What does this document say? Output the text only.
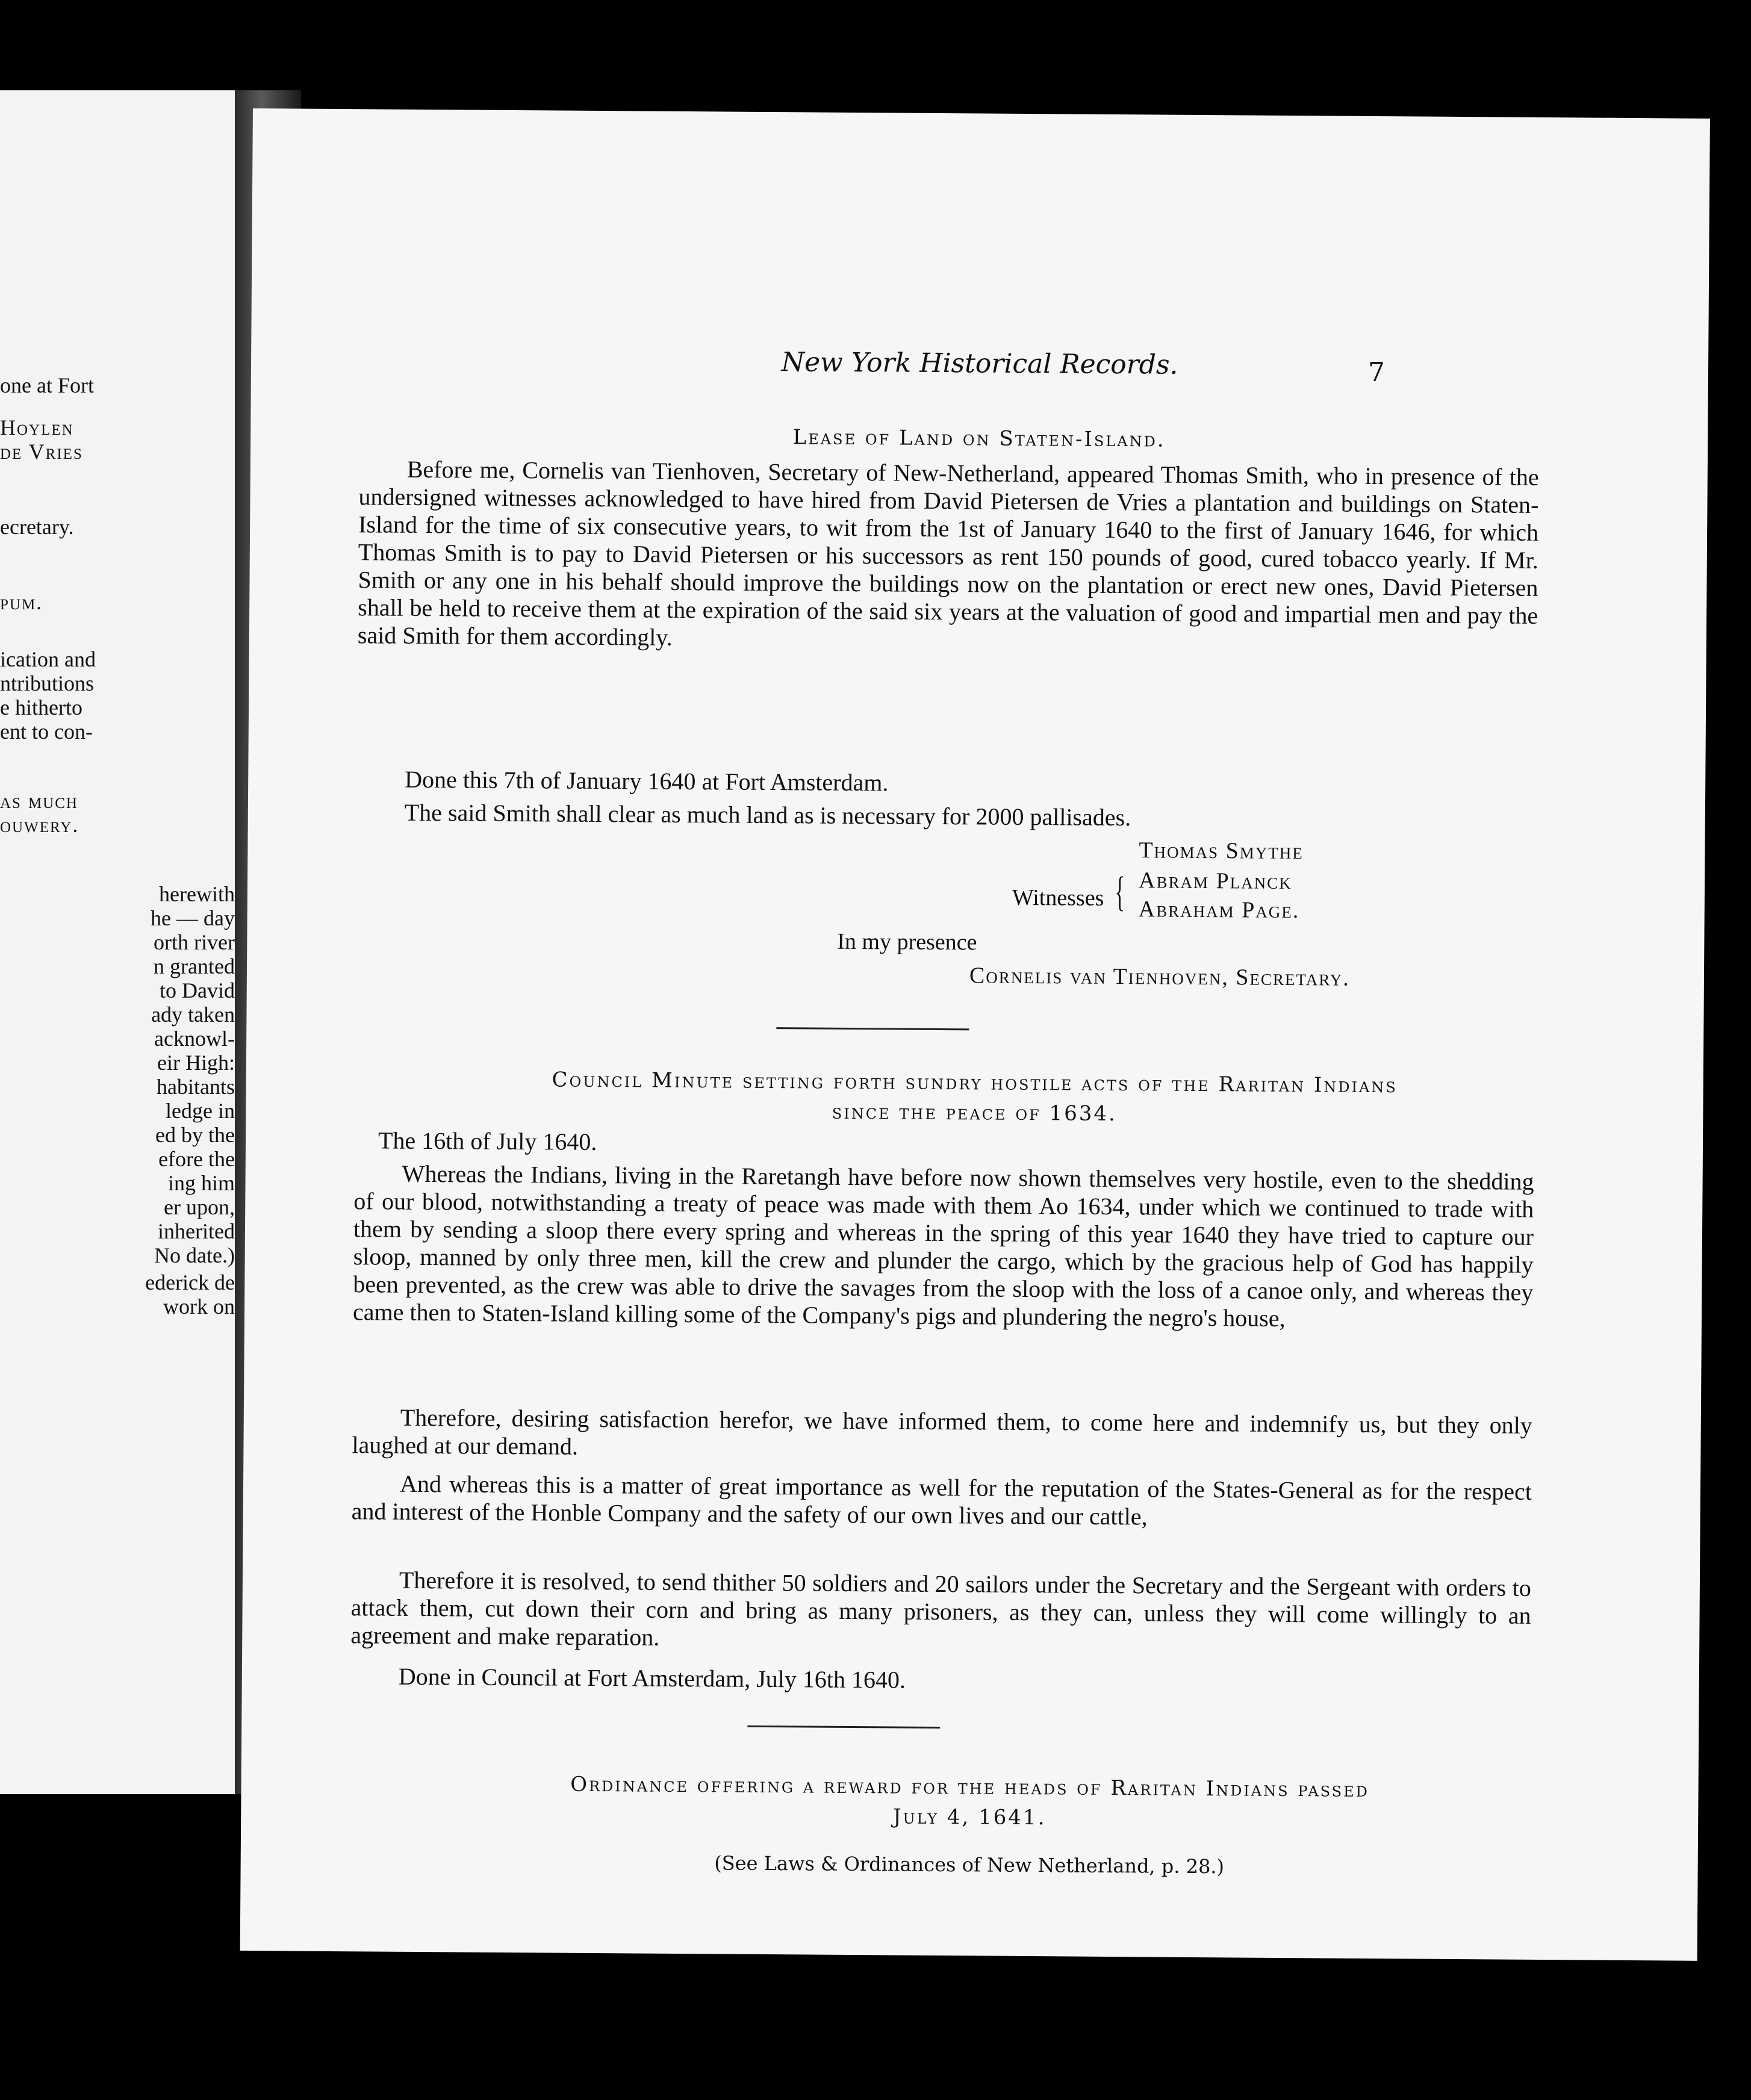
one at Fort
Hoylen
de Vries
ecretary.
pum.
ication and
ntributions
e hitherto
ent to con-
as much
ouwery.
herewith
he — day
orth river
n granted
to David
ady taken
acknowl-
eir High:
habitants
ledge in
ed by the
efore the
ing him
er upon,
inherited
No date.)
ederick de
work on
New York Historical Records.	7
Lease of Land on Staten-Island.
Before me, Cornelis van Tienhoven, Secretary of New-Netherland, appeared Thomas Smith, who in presence of the undersigned witnesses acknowledged to have hired from David Pietersen de Vries a plantation and buildings on Staten-Island for the time of six consecutive years, to wit from the 1st of January 1640 to the first of January 1646, for which Thomas Smith is to pay to David Pietersen or his successors as rent 150 pounds of good, cured tobacco yearly. If Mr. Smith or any one in his behalf should improve the buildings now on the plantation or erect new ones, David Pietersen shall be held to receive them at the expiration of the said six years at the valuation of good and impartial men and pay the said Smith for them accordingly.
Done this 7th of January 1640 at Fort Amsterdam.
The said Smith shall clear as much land as is necessary for 2000 pallisades.
Thomas Smythe
Witnesses { Abram Planck
Abraham Page.
In my presence
Cornelis van Tienhoven, Secretary.
Council Minute setting forth sundry hostile acts of the Raritan Indians
since the peace of 1634.
The 16th of July 1640.
Whereas the Indians, living in the Raretangh have before now shown themselves very hostile, even to the shedding of our blood, notwithstanding a treaty of peace was made with them Ao 1634, under which we continued to trade with them by sending a sloop there every spring and whereas in the spring of this year 1640 they have tried to capture our sloop, manned by only three men, kill the crew and plunder the cargo, which by the gracious help of God has happily been prevented, as the crew was able to drive the savages from the sloop with the loss of a canoe only, and whereas they came then to Staten-Island killing some of the Company's pigs and plundering the negro's house,
Therefore, desiring satisfaction herefor, we have informed them, to come here and indemnify us, but they only laughed at our demand.
And whereas this is a matter of great importance as well for the reputation of the States-General as for the respect and interest of the Honble Company and the safety of our own lives and our cattle,
Therefore it is resolved, to send thither 50 soldiers and 20 sailors under the Secretary and the Sergeant with orders to attack them, cut down their corn and bring as many prisoners, as they can, unless they will come willingly to an agreement and make reparation.
Done in Council at Fort Amsterdam, July 16th 1640.
Ordinance offering a reward for the heads of Raritan Indians passed
July 4, 1641.
(See Laws & Ordinances of New Netherland, p. 28.)
